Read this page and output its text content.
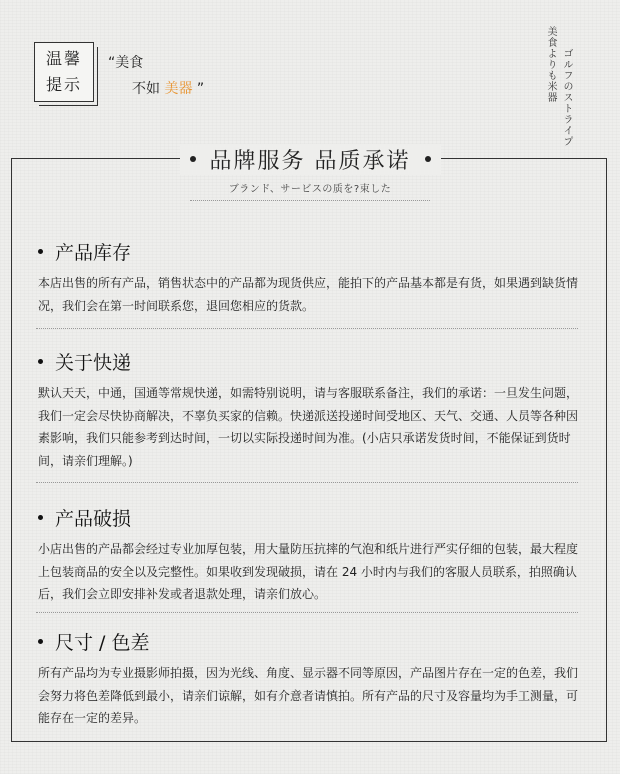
温馨
提示
“美食
不如 美器 ”	美食よりも米器 ゴルフのストライプ
品牌服务 品质承诺
ブランド、サービスの质を?束した
产品库存
本店出售的所有产品，销售状态中的产品都为现货供应，能拍下的产品基本都是有货，如果遇到缺货情况，我们会在第一时间联系您，退回您相应的货款。
关于快递
默认天天，中通，国通等常规快递，如需特别说明，请与客服联系备注，我们的承诺：一旦发生问题，我们一定会尽快协商解决，不辜负买家的信赖。快递派送投递时间受地区、天气、交通、人员等各种因素影响，我们只能参考到达时间，一切以实际投递时间为准。(小店只承诺发货时间，不能保证到货时间，请亲们理解。)
产品破损
小店出售的产品都会经过专业加厚包装，用大量防压抗摔的气泡和纸片进行严实仔细的包装，最大程度上包装商品的安全以及完整性。如果收到发现破损，请在 24 小时内与我们的客服人员联系，拍照确认后，我们会立即安排补发或者退款处理，请亲们放心。
尺寸 / 色差
所有产品均为专业摄影师拍摄，因为光线、角度、显示器不同等原因，产品图片存在一定的色差，我们会努力将色差降低到最小，请亲们谅解，如有介意者请慎拍。所有产品的尺寸及容量均为手工测量，可能存在一定的差异。
